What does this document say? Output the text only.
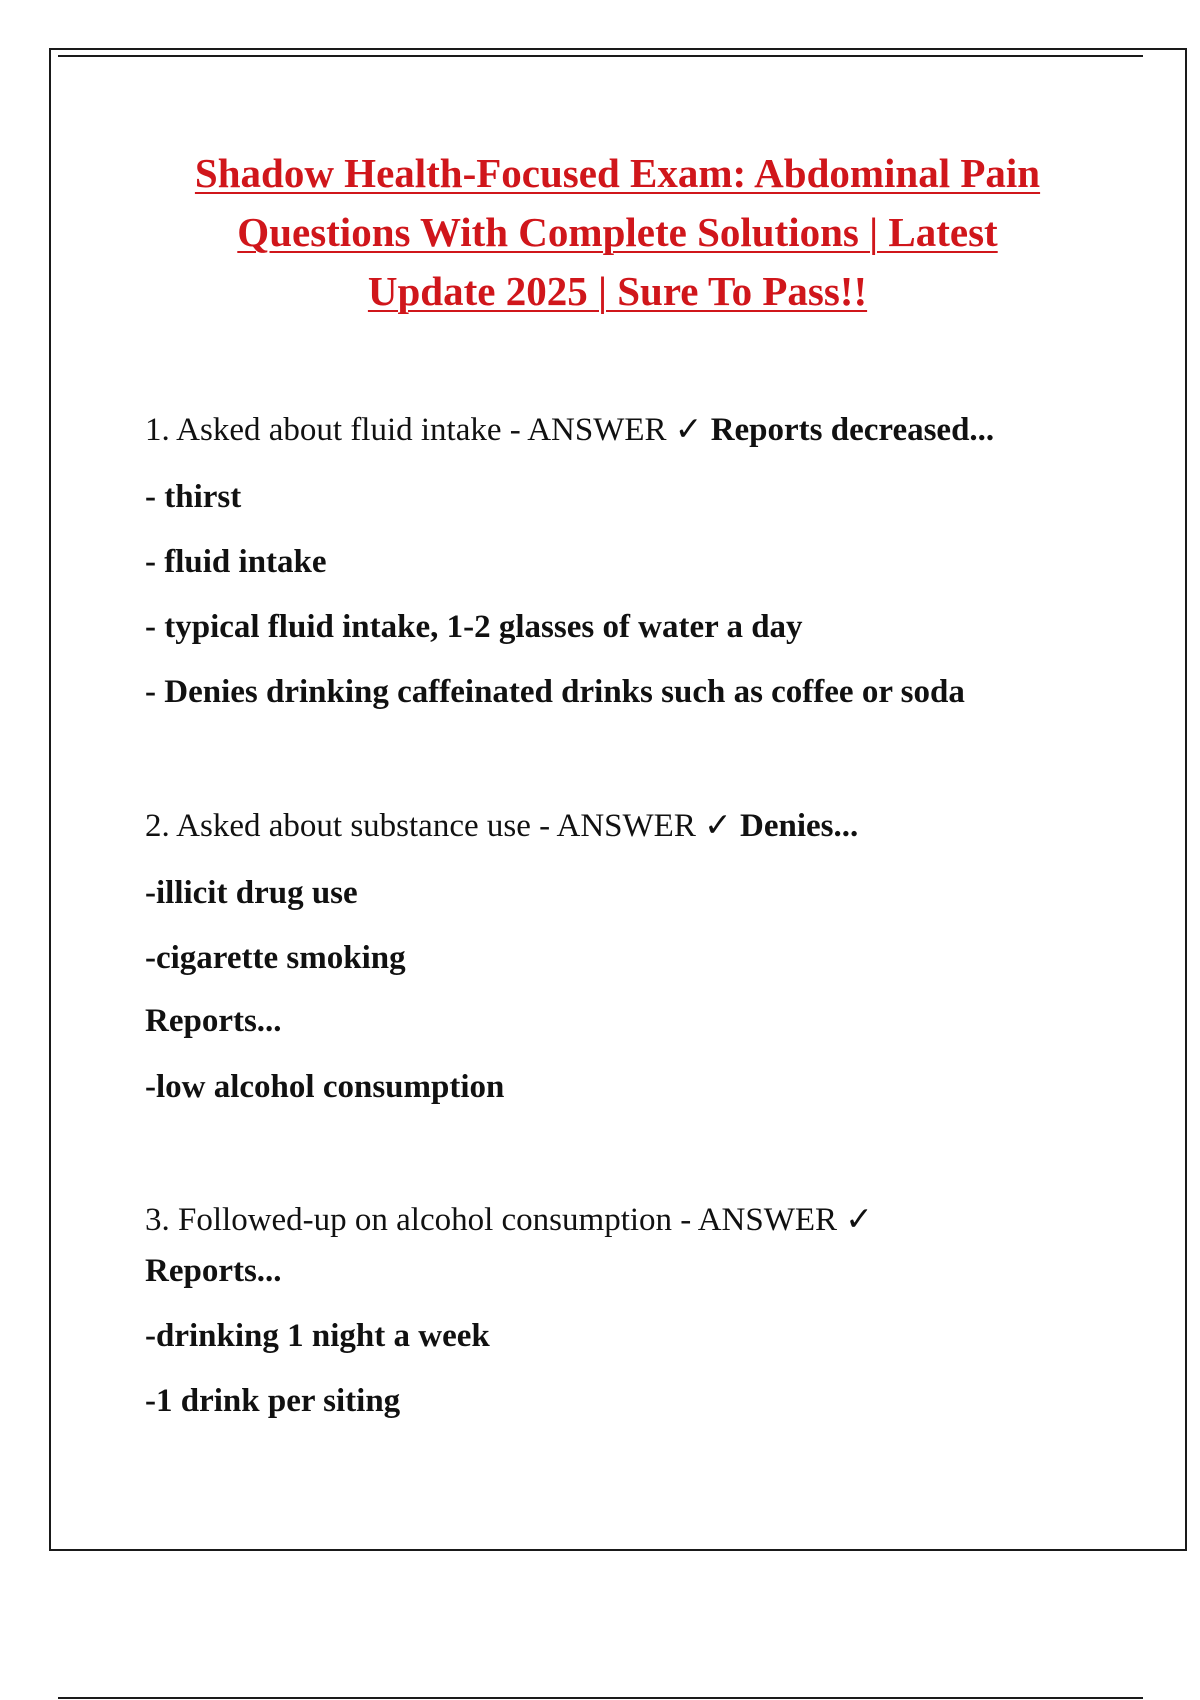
Shadow Health-Focused Exam: Abdominal Pain
Questions With Complete Solutions | Latest
Update 2025 | Sure To Pass!!
1. Asked about fluid intake - ANSWER ✓ Reports decreased...
- thirst
- fluid intake
- typical fluid intake, 1-2 glasses of water a day
- Denies drinking caffeinated drinks such as coffee or soda
2. Asked about substance use - ANSWER ✓ Denies...
-illicit drug use
-cigarette smoking
Reports...
-low alcohol consumption
3. Followed-up on alcohol consumption - ANSWER ✓
Reports...
-drinking 1 night a week
-1 drink per siting
